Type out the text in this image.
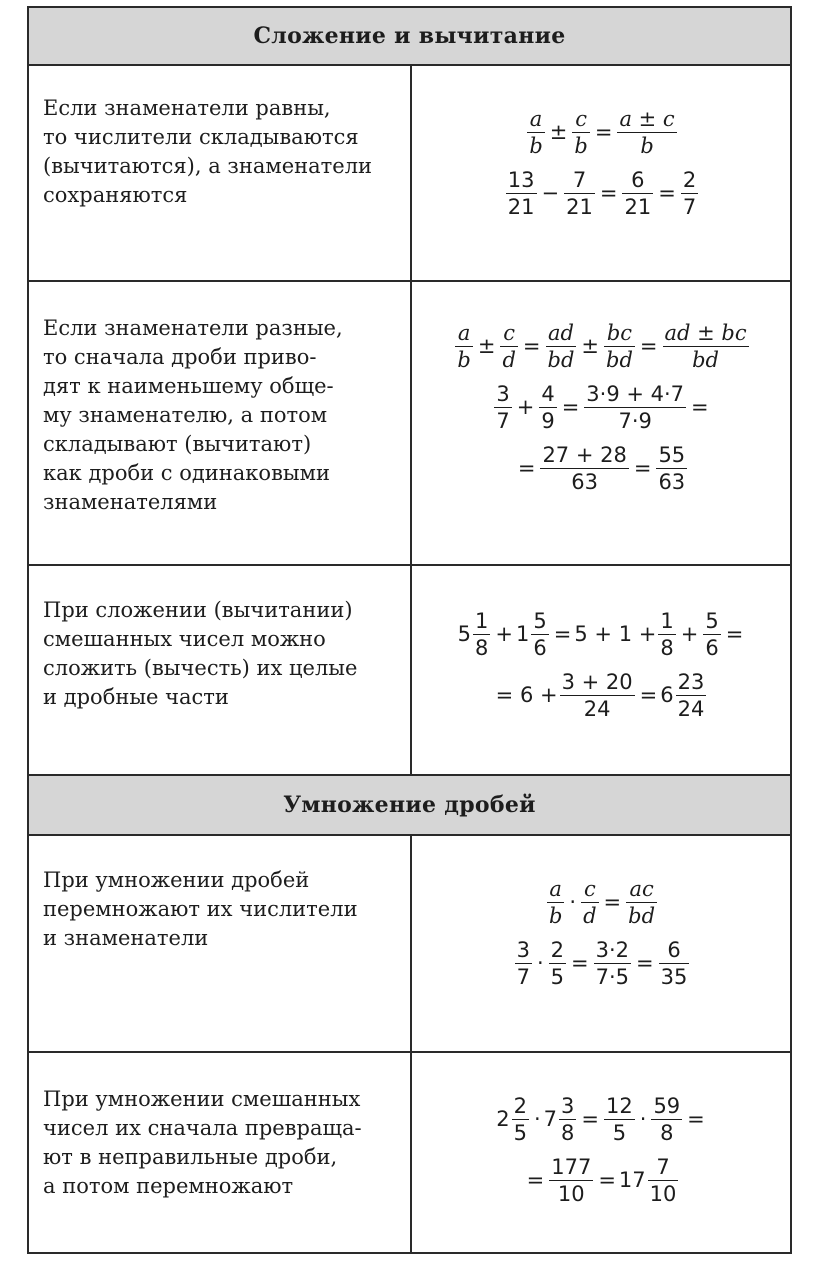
Сложение и вычитание
Если знаменатели равны,
то числители складываются
(вычитаются), а знаменатели
сохраняются
$\frac{a}{b} \pm \frac{c}{b} = \frac{a \pm c}{b}$
$\frac{13}{21} - \frac{7}{21} = \frac{6}{21} = \frac{2}{7}$
Если знаменатели разные,
то сначала дроби приво-
дят к наименьшему обще-
му знаменателю, а потом
складывают (вычитают)
как дроби с одинаковыми
знаменателями
$\frac{a}{b} \pm \frac{c}{d} = \frac{ad}{bd} \pm \frac{bc}{bd} = \frac{ad \pm bc}{bd}$
$\frac{3}{7} + \frac{4}{9} = \frac{3\cdot 9 + 4\cdot 7}{7\cdot 9}$ =
= $\frac{27 + 28}{63} = \frac{55}{63}$
При сложении (вычитании)
смешанных чисел можно
сложить (вычесть) их целые
и дробные части
$5 \frac{1}{8} + 1 \frac{5}{6} = 5 + 1 + \frac{1}{8} + \frac{5}{6}$ =
= $6 + \frac{3 + 20}{24} = 6 \frac{23}{24}$
Умножение дробей
При умножении дробей
перемножают их числители
и знаменатели
$\frac{a}{b} \cdot \frac{c}{d} = \frac{ac}{bd}$
$\frac{3}{7} \cdot \frac{2}{5} = \frac{3\cdot 2}{7\cdot 5} = \frac{6}{35}$
При умножении смешанных
чисел их сначала превраща-
ют в неправильные дроби,
а потом перемножают
$2 \frac{2}{5} \cdot 7 \frac{3}{8} = \frac{12}{5} \cdot \frac{59}{8}$ =
= $\frac{177}{10} = 17 \frac{7}{10}$
